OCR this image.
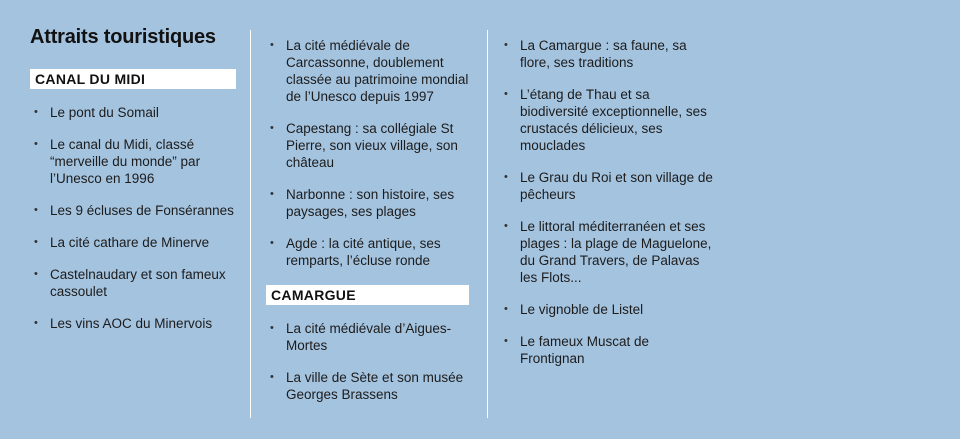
Attraits touristiques
CANAL DU MIDI
• Le pont du Somail
• Le canal du Midi, classé “merveille du monde” par l’Unesco en 1996
• Les 9 écluses de Fonsérannes
• La cité cathare de Minerve
• Castelnaudary et son fameux cassoulet
• Les vins AOC du Minervois
• La cité médiévale de Carcassonne, doublement classée au patrimoine mondial de l’Unesco depuis 1997
• Capestang : sa collégiale St Pierre, son vieux village, son château
• Narbonne : son histoire, ses paysages, ses plages
• Agde : la cité antique, ses remparts, l’écluse ronde
CAMARGUE
• La cité médiévale d’Aigues-Mortes
• La ville de Sète et son musée Georges Brassens
• La Camargue : sa faune, sa flore, ses traditions
• L’étang de Thau et sa biodiversité exceptionnelle, ses crustacés délicieux, ses mouclades
• Le Grau du Roi et son village de pêcheurs
• Le littoral méditerranéen et ses plages : la plage de Maguelone, du Grand Travers, de Palavas les Flots...
• Le vignoble de Listel
• Le fameux Muscat de Frontignan
